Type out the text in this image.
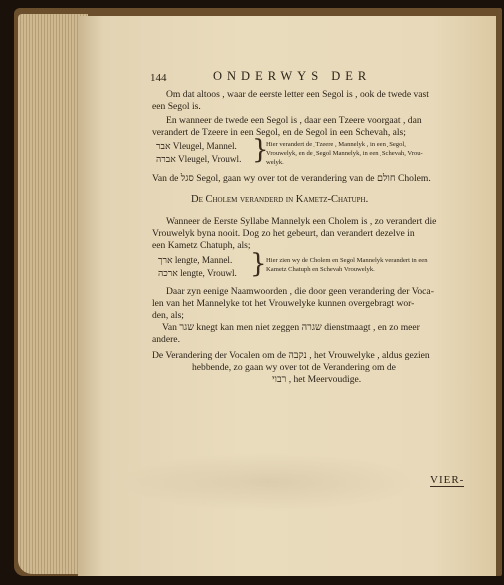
144	ONDERWYS DER
Om dat altoos , waar de eerste letter een Segol is , ook de twede vast
een Segol is.
En wanneer de twede een Segol is , daar een Tzeere voorgaat , dan
verandert de Tzeere in een Segol, en de Segol in een Schevah, als;
אבר Vleugel, Mannel.
אברה Vleugel, Vrouwl. }
Hier verandert de ֵ Tzeere , Mannelyk , in een ֶ Segol,
Vrouwelyk, en de ֶ Segol Mannelyk, in een ְ Schevah, Vrou-
welyk.
Van de סגל Segol, gaan wy over tot de verandering van de חולם Cholem.
De Cholem veranderd in Kametz-Chatuph.
Wanneer de Eerste Syllabe Mannelyk een Cholem is , zo verandert die
Vrouwelyk byna nooit. Dog zo het gebeurt, dan verandert dezelve in
een Kametz Chatuph, als;
ארך lengte, Mannel.
ארכה lengte, Vrouwl. } Hier zien wy de Cholem en Segol Mannelyk verandert in een
Kametz Chatuph en Schevah Vrouwelyk.
Daar zyn eenige Naamwoorden , die door geen verandering der Voca-
len van het Mannelyke tot het Vrouwelyke kunnen overgebragt wor-
den, als;
Van שגר knegt kan men niet zeggen שגרה dienstmaagt , en zo meer
andere.
De Verandering der Vocalen om de נקבה , het Vrouwelyke , aldus gezien
hebbende, zo gaan wy over tot de Verandering om de
רבוי , het Meervoudige.
VIER-
